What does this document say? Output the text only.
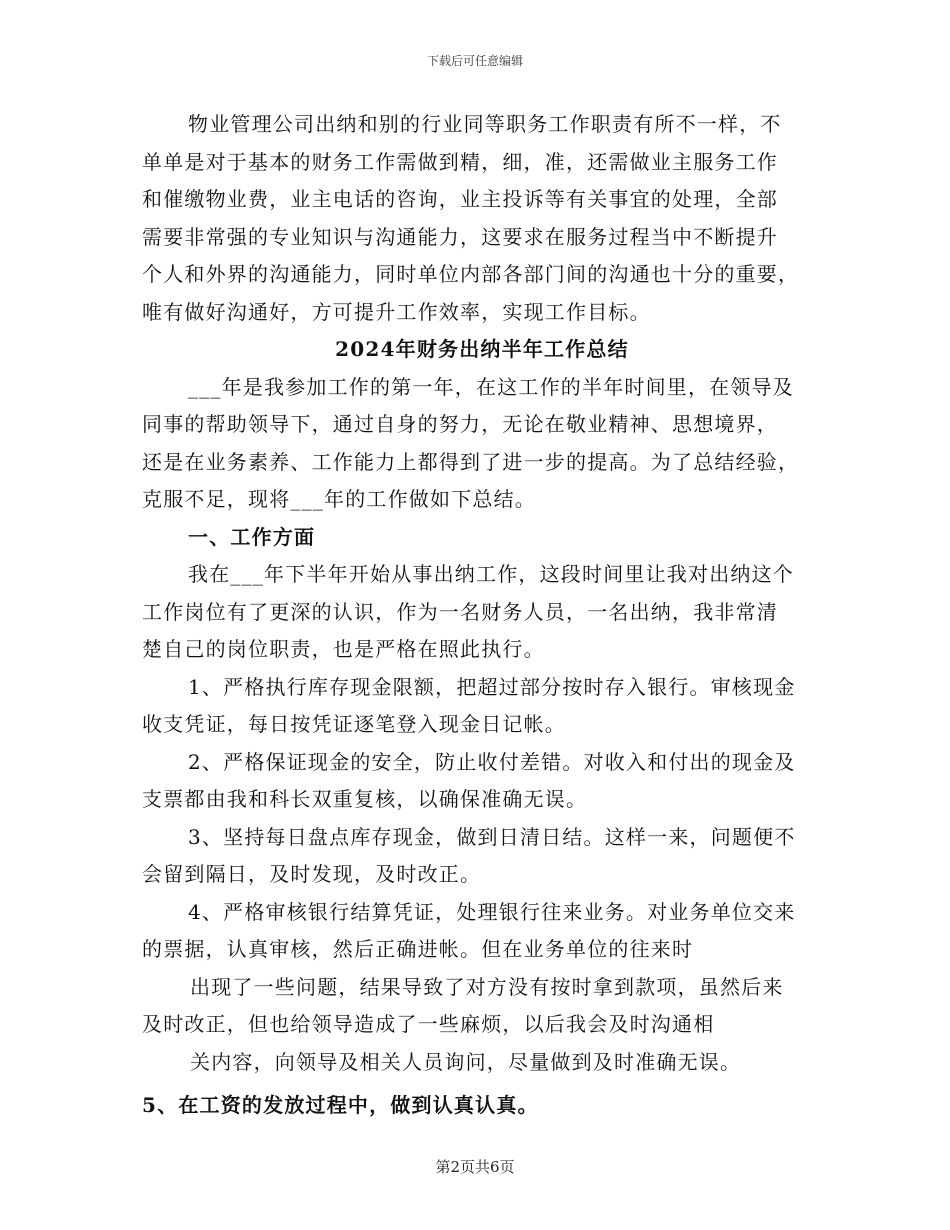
下载后可任意编辑

物业管理公司出纳和别的行业同等职务工作职责有所不一样，不

单单是对于基本的财务工作需做到精，细，准，还需做业主服务工作

和催缴物业费，业主电话的咨询，业主投诉等有关事宜的处理，全部

需要非常强的专业知识与沟通能力，这要求在服务过程当中不断提升

个人和外界的沟通能力，同时单位内部各部门间的沟通也十分的重要，

唯有做好沟通好，方可提升工作效率，实现工作目标。

2024年财务出纳半年工作总结

___年是我参加工作的第一年，在这工作的半年时间里，在领导及

同事的帮助领导下，通过自身的努力，无论在敬业精神、思想境界，

还是在业务素养、工作能力上都得到了进一步的提高。为了总结经验，

克服不足，现将___年的工作做如下总结。

一、工作方面

我在___年下半年开始从事出纳工作，这段时间里让我对出纳这个

工作岗位有了更深的认识，作为一名财务人员，一名出纳，我非常清

楚自己的岗位职责，也是严格在照此执行。

1、严格执行库存现金限额，把超过部分按时存入银行。审核现金

收支凭证，每日按凭证逐笔登入现金日记帐。

2、严格保证现金的安全，防止收付差错。对收入和付出的现金及

支票都由我和科长双重复核，以确保准确无误。

3、坚持每日盘点库存现金，做到日清日结。这样一来，问题便不

会留到隔日，及时发现，及时改正。

4、严格审核银行结算凭证，处理银行往来业务。对业务单位交来

的票据，认真审核，然后正确进帐。但在业务单位的往来时

出现了一些问题，结果导致了对方没有按时拿到款项，虽然后来

及时改正，但也给领导造成了一些麻烦，以后我会及时沟通相

关内容，向领导及相关人员询问，尽量做到及时准确无误。

5、在工资的发放过程中，做到认真认真。

第2页共6页
